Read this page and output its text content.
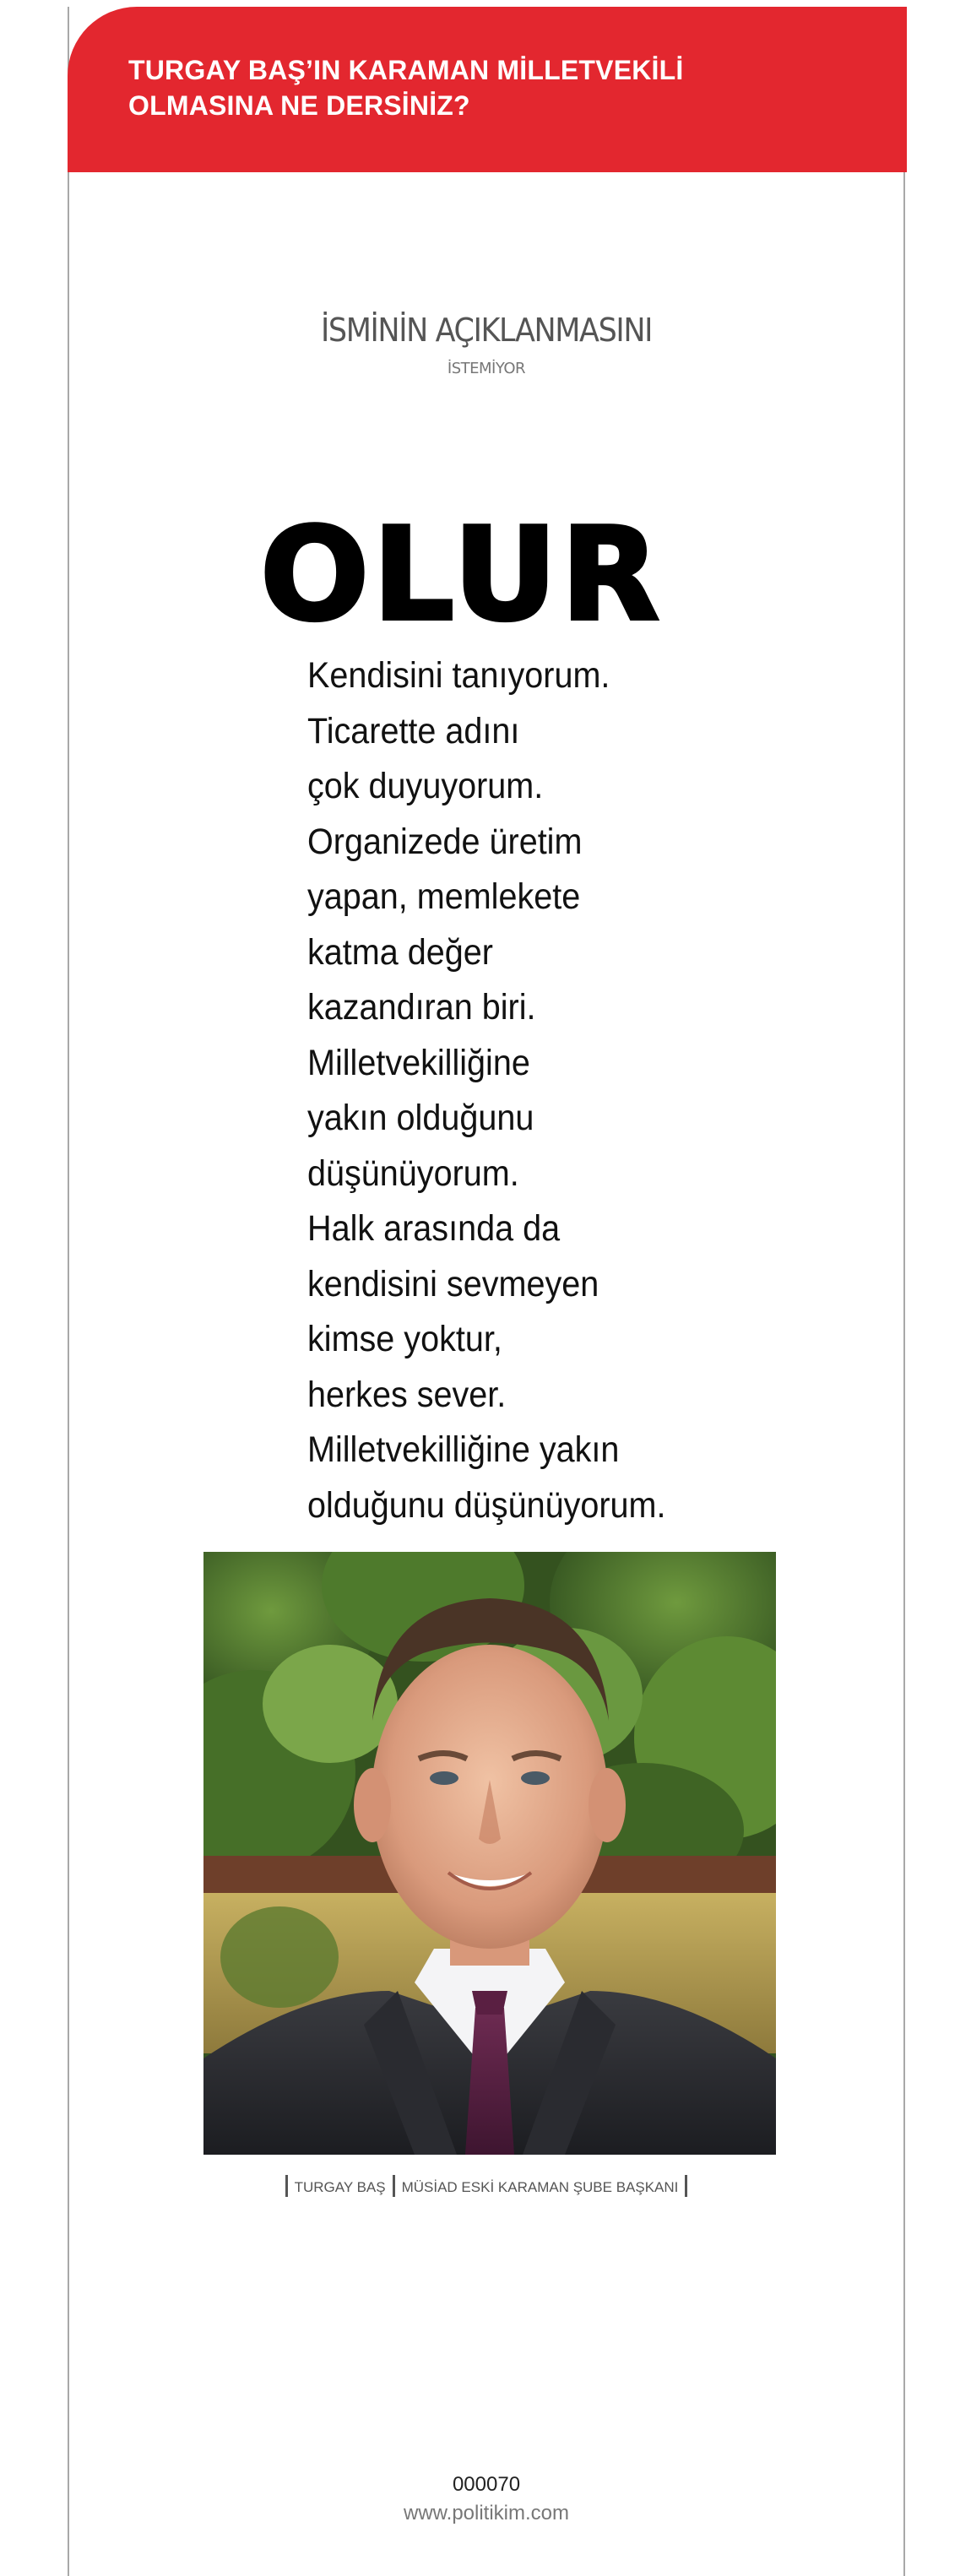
TURGAY BAŞ’IN KARAMAN MİLLETVEKİLİ
OLMASINA NE DERSİNİZ?
İSMİNİN AÇIKLANMASINI
İSTEMİYOR
OLUR
Kendisini tanıyorum.
Ticarette adını
çok duyuyorum.
Organizede üretim
yapan, memlekete
katma değer
kazandıran biri.
Milletvekilliğine
yakın olduğunu
düşünüyorum.
Halk arasında da
kendisini sevmeyen
kimse yoktur,
herkes sever.
Milletvekilliğine yakın
olduğunu düşünüyorum.
TURGAY BAŞ MÜSİAD ESKİ KARAMAN ŞUBE BAŞKANI
000070
www.politikim.com
